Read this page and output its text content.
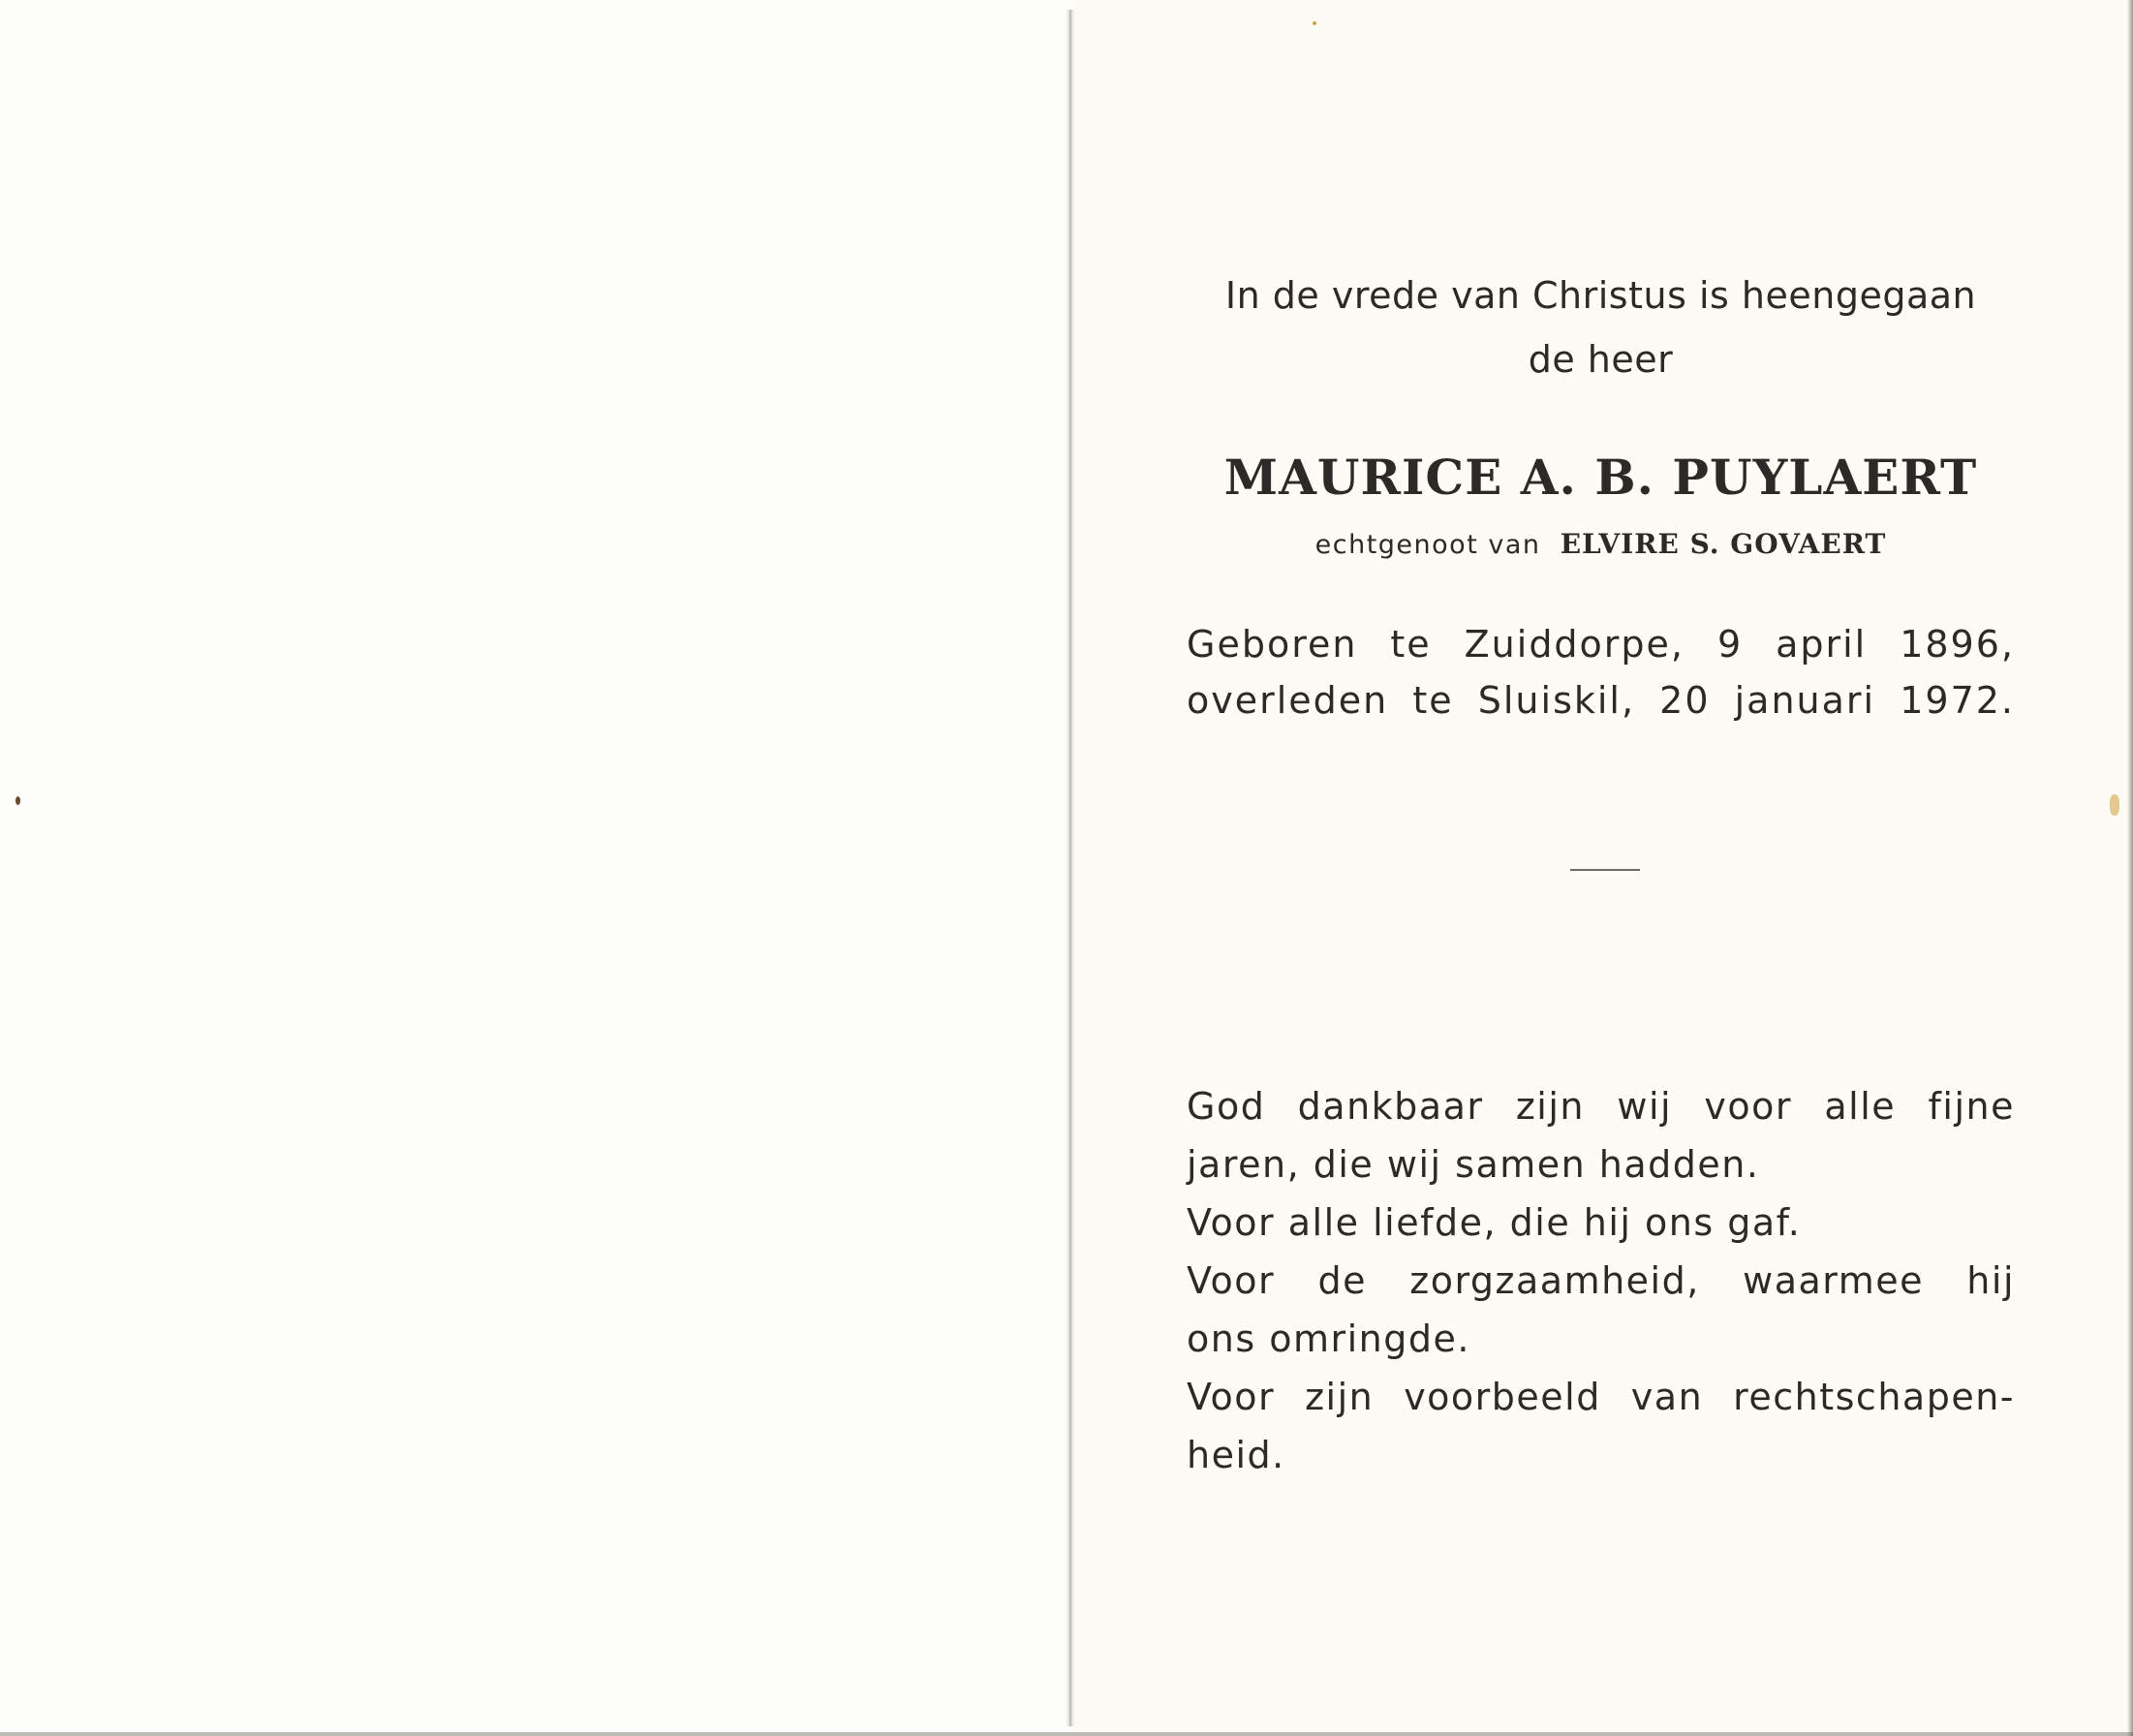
In de vrede van Christus is heengegaan
de heer
MAURICE A. B. PUYLAERT
echtgenoot van ELVIRE S. GOVAERT
Geboren te Zuiddorpe, 9 april 1896,
overleden te Sluiskil, 20 januari 1972.
God dankbaar zijn wij voor alle fijne
jaren, die wij samen hadden.
Voor alle liefde, die hij ons gaf.
Voor de zorgzaamheid, waarmee hij
ons omringde.
Voor zijn voorbeeld van rechtschapen-
heid.
